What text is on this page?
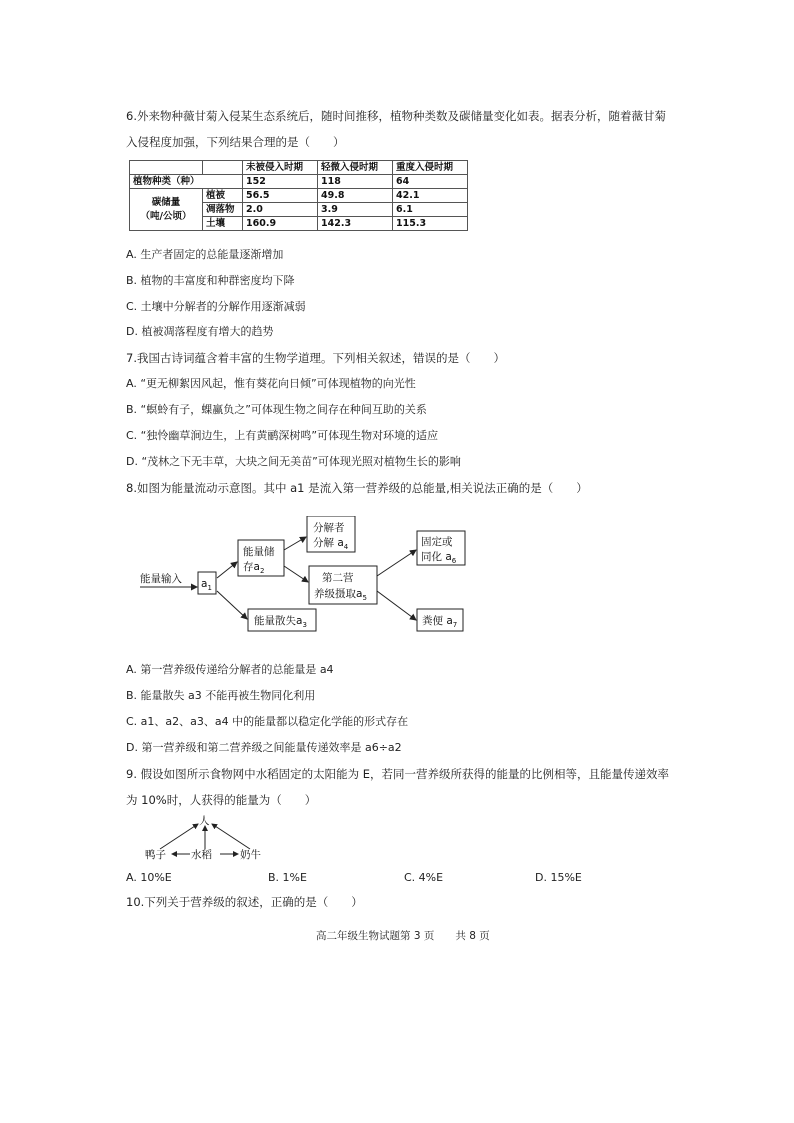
6.外来物种薇甘菊入侵某生态系统后，随时间推移，植物种类数及碳储量变化如表。据表分析，随着薇甘菊
入侵程度加强，下列结果合理的是（　　）
		未被侵入时期	轻微入侵时期	重度入侵时期
植物种类（种）		152	118	64

碳储量
（吨/公顷）	植被	56.5	49.8	42.1
	凋落物	2.0	3.9	6.1
	土壤	160.9	142.3	115.3
A. 生产者固定的总能量逐渐增加
B. 植物的丰富度和种群密度均下降
C. 土壤中分解者的分解作用逐渐减弱
D. 植被凋落程度有增大的趋势
7.我国古诗词蕴含着丰富的生物学道理。下列相关叙述，错误的是（　　）
A. “更无柳絮因风起，惟有葵花向日倾”可体现植物的向光性
B. “螟蛉有子，蜾蠃负之”可体现生物之间存在种间互助的关系
C. “独怜幽草涧边生，上有黄鹂深树鸣”可体现生物对环境的适应
D. “茂林之下无丰草，大块之间无美苗”可体现光照对植物生长的影响
8.如图为能量流动示意图。其中 a1 是流入第一营养级的总能量,相关说法正确的是（　　）
能量输入 $a_1$
能量储
存$a_2$
能量散失$a_3$
分解者
分解 $a_4$
第二营
养级摄取$a_5$
固定或
同化 $a_6$
粪便 $a_7$
A. 第一营养级传递给分解者的总能量是 a4
B. 能量散失 a3 不能再被生物同化利用
C. a1、a2、a3、a4 中的能量都以稳定化学能的形式存在
D. 第一营养级和第二营养级之间能量传递效率是 a6÷a2
9. 假设如图所示食物网中水稻固定的太阳能为 E，若同一营养级所获得的能量的比例相等，且能量传递效率
为 10%时，人获得的能量为（　　）
人
鸭子 水稻	奶牛
A. 10%E	B. 1%E	C. 4%E	D. 15%E
10.下列关于营养级的叙述，正确的是（　　）
高二年级生物试题第 3 页　　共 8 页
